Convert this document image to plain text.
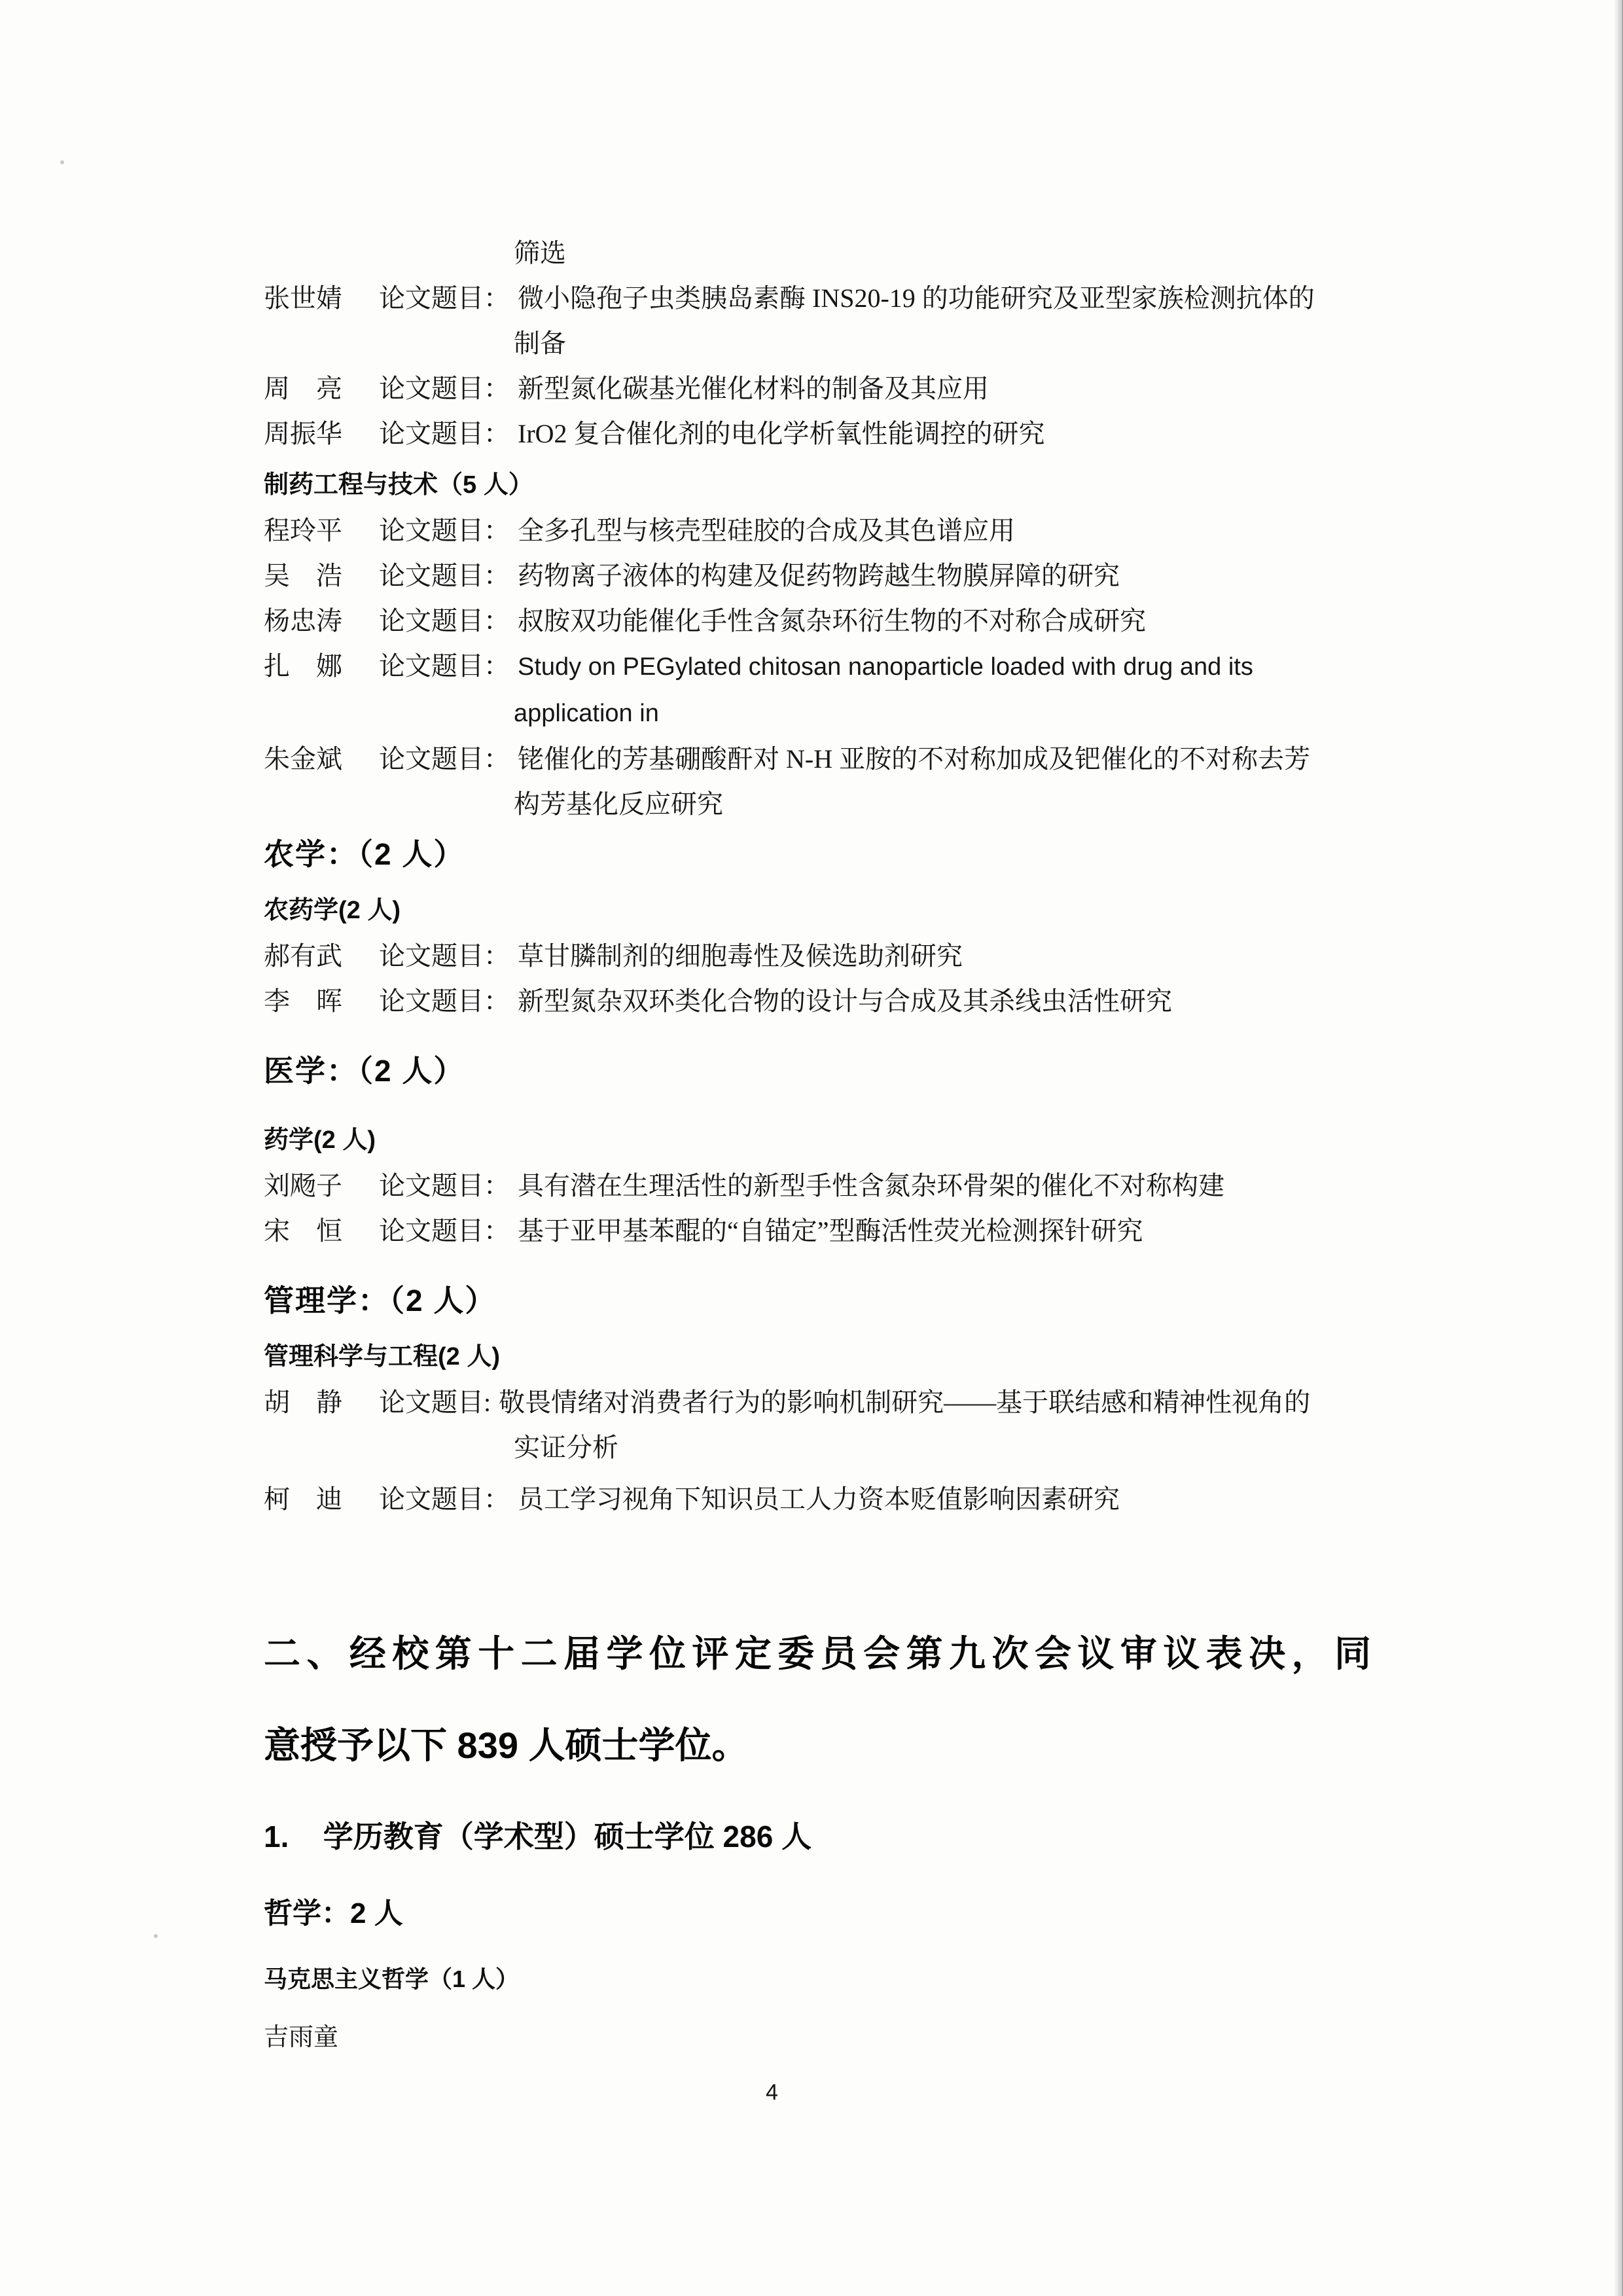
筛选
张世婧 论文题目： 微小隐孢子虫类胰岛素酶 INS20-19 的功能研究及亚型家族检测抗体的
制备
周　亮 论文题目： 新型氮化碳基光催化材料的制备及其应用
周振华 论文题目： IrO2 复合催化剂的电化学析氧性能调控的研究
制药工程与技术（5 人）
程玲平 论文题目： 全多孔型与核壳型硅胶的合成及其色谱应用
吴　浩 论文题目： 药物离子液体的构建及促药物跨越生物膜屏障的研究
杨忠涛 论文题目： 叔胺双功能催化手性含氮杂环衍生物的不对称合成研究
扎　娜 论文题目： Study on PEGylated chitosan nanoparticle loaded with drug and its
application in
朱金斌 论文题目： 铑催化的芳基硼酸酐对 N-H 亚胺的不对称加成及钯催化的不对称去芳
构芳基化反应研究
农学：（2 人）
农药学(2 人)
郝有武 论文题目： 草甘膦制剂的细胞毒性及候选助剂研究
李　晖 论文题目： 新型氮杂双环类化合物的设计与合成及其杀线虫活性研究
医学：（2 人）
药学(2 人)
刘飏子 论文题目： 具有潜在生理活性的新型手性含氮杂环骨架的催化不对称构建
宋　恒 论文题目： 基于亚甲基苯醌的“自锚定”型酶活性荧光检测探针研究
管理学：（2 人）
管理科学与工程(2 人)
胡　静 论文题目: 敬畏情绪对消费者行为的影响机制研究——基于联结感和精神性视角的
实证分析
柯　迪 论文题目： 员工学习视角下知识员工人力资本贬值影响因素研究
二、经校第十二届学位评定委员会第九次会议审议表决，同
意授予以下 839 人硕士学位。
1. 学历教育（学术型）硕士学位 286 人
哲学：2 人
马克思主义哲学（1 人）
吉雨童
4
